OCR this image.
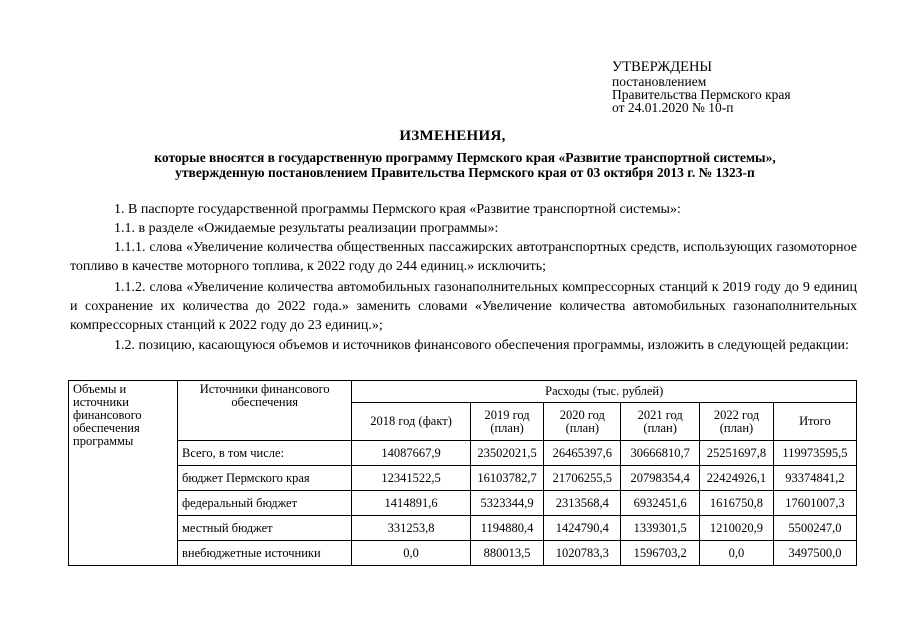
УТВЕРЖДЕНЫ
постановлением
Правительства Пермского края
от 24.01.2020 № 10-п
ИЗМЕНЕНИЯ,
которые вносятся в государственную программу Пермского края «Развитие транспортной системы»,
утвержденную постановлением Правительства Пермского края от 03 октября 2013 г. № 1323-п
1. В паспорте государственной программы Пермского края «Развитие транспортной системы»:
1.1. в разделе «Ожидаемые результаты реализации программы»:
1.1.1. слова «Увеличение количества общественных пассажирских автотранспортных средств, использующих газомоторное топливо в качестве моторного топлива, к 2022 году до 244 единиц.» исключить;
1.1.2. слова «Увеличение количества автомобильных газонаполнительных компрессорных станций к 2019 году до 9 единиц и сохранение их количества до 2022 года.» заменить словами «Увеличение количества автомобильных газонаполнительных компрессорных станций к 2022 году до 23 единиц.»;
1.2. позицию, касающуюся объемов и источников финансового обеспечения программы, изложить в следующей редакции:
Объемы и источники финансового обеспечения программы	Источники финансового обеспечения	Расходы (тыс. рублей)					
		2018 год (факт)	2019 год (план)	2020 год (план)	2021 год (план)	2022 год (план)	Итого
	Всего, в том числе:	14087667,9	23502021,5	26465397,6	30666810,7	25251697,8	119973595,5
	бюджет Пермского края	12341522,5	16103782,7	21706255,5	20798354,4	22424926,1	93374841,2
	федеральный бюджет	1414891,6	5323344,9	2313568,4	6932451,6	1616750,8	17601007,3
	местный бюджет	331253,8	1194880,4	1424790,4	1339301,5	1210020,9	5500247,0
	внебюджетные источники	0,0	880013,5	1020783,3	1596703,2	0,0	3497500,0
